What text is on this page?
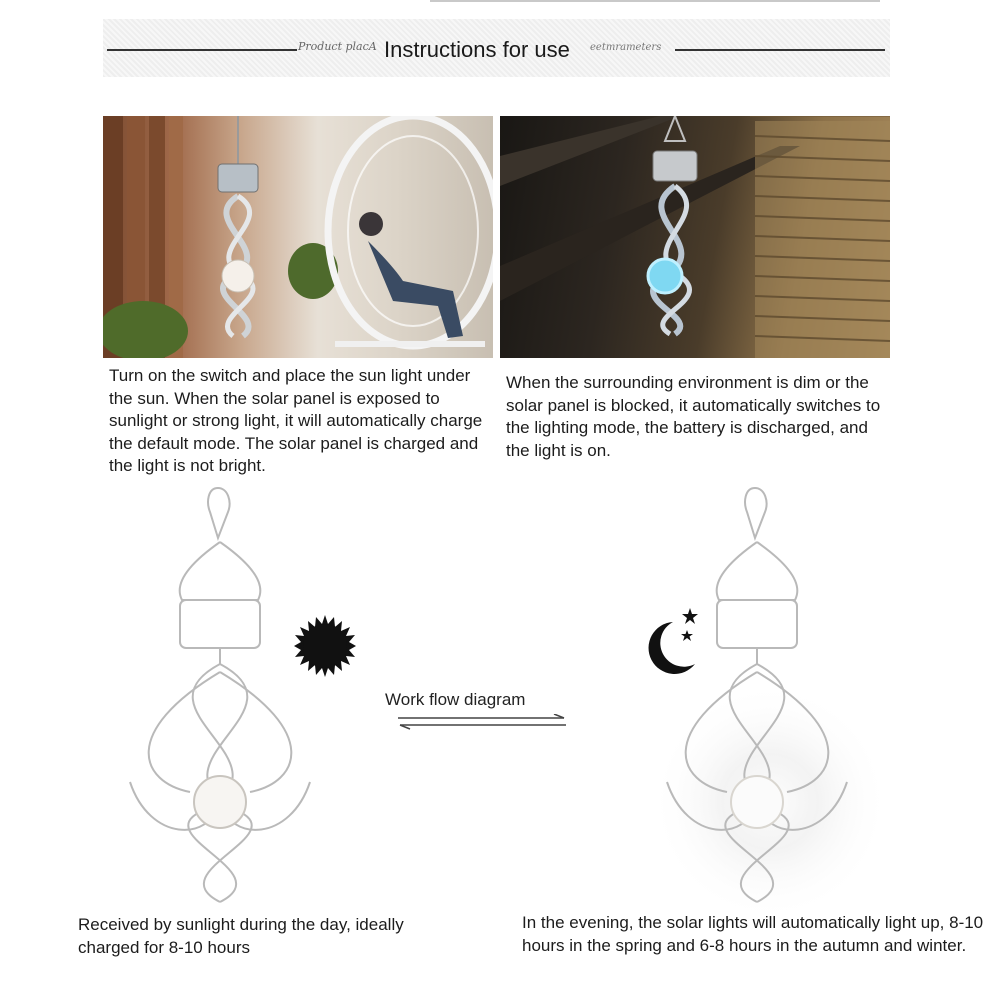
Product placA	eetmrameters
Instructions for use
Turn on the switch and place the sun light under the sun. When the solar panel is exposed to sunlight or strong light, it will automatically charge the default mode. The solar panel is charged and the light is not bright.
When the surrounding environment is dim or the solar panel is blocked, it automatically switches to the lighting mode, the battery is discharged, and the light is on.
Work flow diagram
Received by sunlight during the day, ideally charged for 8-10 hours
In the evening, the solar lights will automatically light up, 8-10 hours in the spring and 6-8 hours in the autumn and winter.
